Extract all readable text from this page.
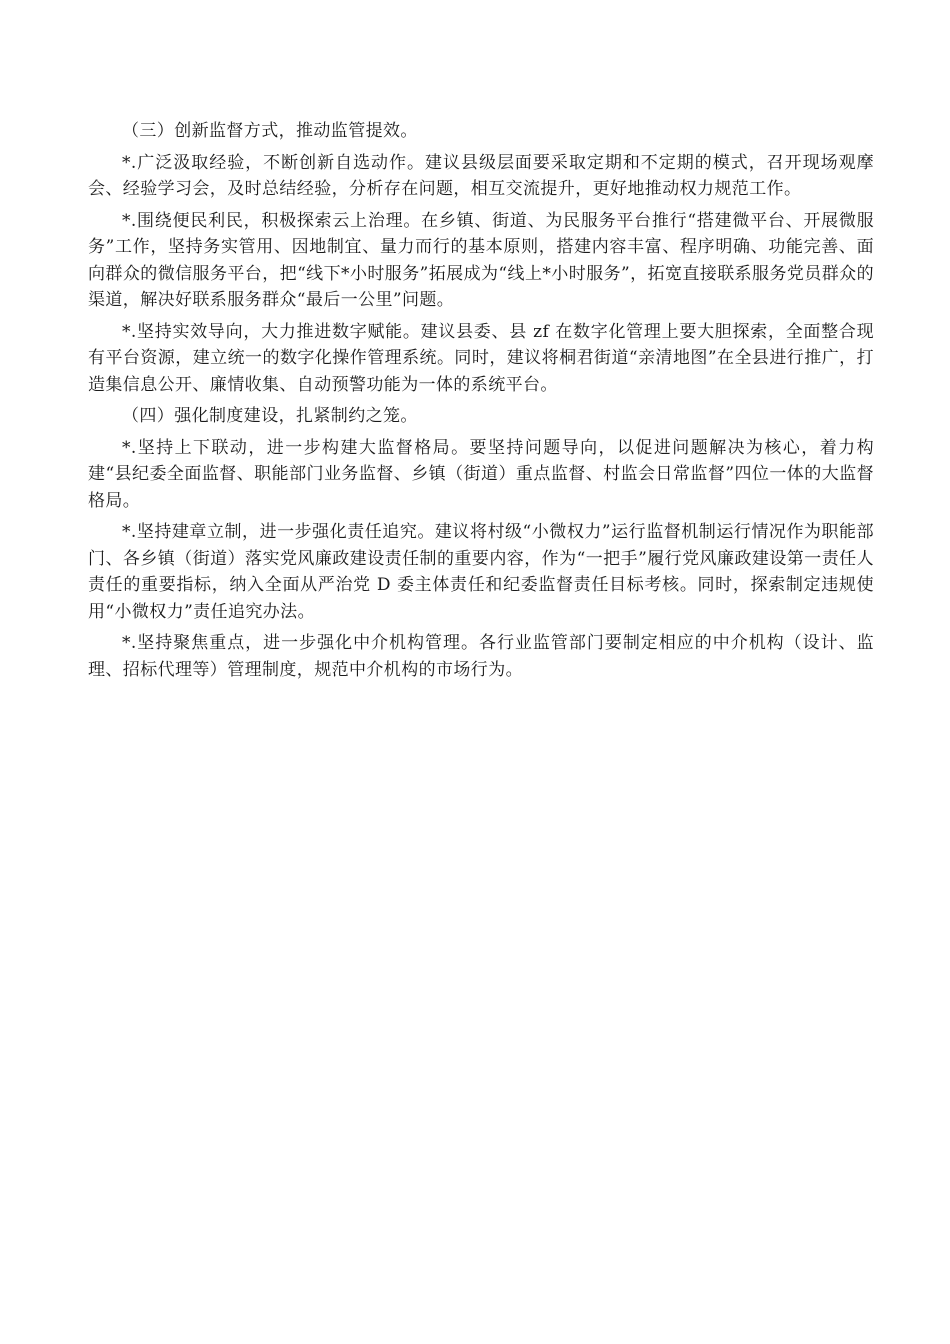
（三）创新监督方式，推动监管提效。

*.广泛汲取经验，不断创新自选动作。建议县级层面要采取定期和不定期的模式，召开现场观摩会、经验学习会，及时总结经验，分析存在问题，相互交流提升，更好地推动权力规范工作。

*.围绕便民利民，积极探索云上治理。在乡镇、街道、为民服务平台推行“搭建微平台、开展微服务”工作，坚持务实管用、因地制宜、量力而行的基本原则，搭建内容丰富、程序明确、功能完善、面向群众的微信服务平台，把“线下*小时服务”拓展成为“线上*小时服务”，拓宽直接联系服务党员群众的渠道，解决好联系服务群众“最后一公里”问题。

*.坚持实效导向，大力推进数字赋能。建议县委、县 zf 在数字化管理上要大胆探索，全面整合现有平台资源，建立统一的数字化操作管理系统。同时，建议将桐君街道“亲清地图”在全县进行推广，打造集信息公开、廉情收集、自动预警功能为一体的系统平台。

（四）强化制度建设，扎紧制约之笼。

*.坚持上下联动，进一步构建大监督格局。要坚持问题导向，以促进问题解决为核心，着力构建“县纪委全面监督、职能部门业务监督、乡镇（街道）重点监督、村监会日常监督”四位一体的大监督格局。

*.坚持建章立制，进一步强化责任追究。建议将村级“小微权力”运行监督机制运行情况作为职能部门、各乡镇（街道）落实党风廉政建设责任制的重要内容，作为“一把手”履行党风廉政建设第一责任人责任的重要指标，纳入全面从严治党 D 委主体责任和纪委监督责任目标考核。同时，探索制定违规使用“小微权力”责任追究办法。

*.坚持聚焦重点，进一步强化中介机构管理。各行业监管部门要制定相应的中介机构（设计、监理、招标代理等）管理制度，规范中介机构的市场行为。
